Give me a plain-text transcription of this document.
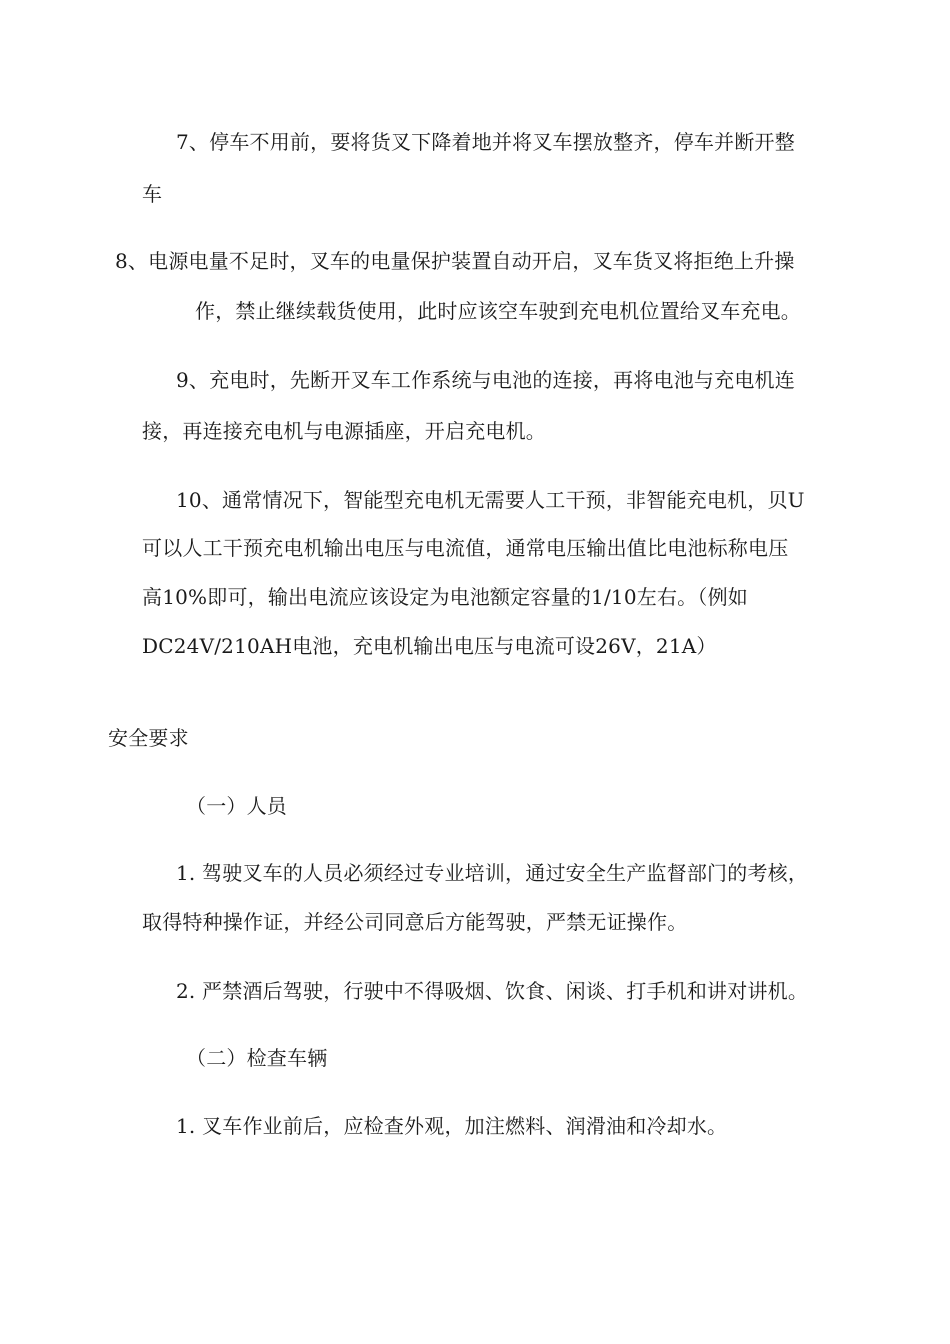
7、停车不用前，要将货叉下降着地并将叉车摆放整齐，停车并断开整
车
8、电源电量不足时，叉车的电量保护装置自动开启，叉车货叉将拒绝上升操
作，禁止继续载货使用，此时应该空车驶到充电机位置给叉车充电。
9、充电时，先断开叉车工作系统与电池的连接，再将电池与充电机连
接，再连接充电机与电源插座，开启充电机。
10、通常情况下，智能型充电机无需要人工干预，非智能充电机，贝U
可以人工干预充电机输出电压与电流值，通常电压输出值比电池标称电压
高10%即可，输出电流应该设定为电池额定容量的1/10左右。（例如
DC24V/210AH电池，充电机输出电压与电流可设26V，21A）
安全要求
（一）人员
1. 驾驶叉车的人员必须经过专业培训，通过安全生产监督部门的考核，
取得特种操作证，并经公司同意后方能驾驶，严禁无证操作。
2. 严禁酒后驾驶，行驶中不得吸烟、饮食、闲谈、打手机和讲对讲机。
（二）检查车辆
1. 叉车作业前后，应检查外观，加注燃料、润滑油和冷却水。
